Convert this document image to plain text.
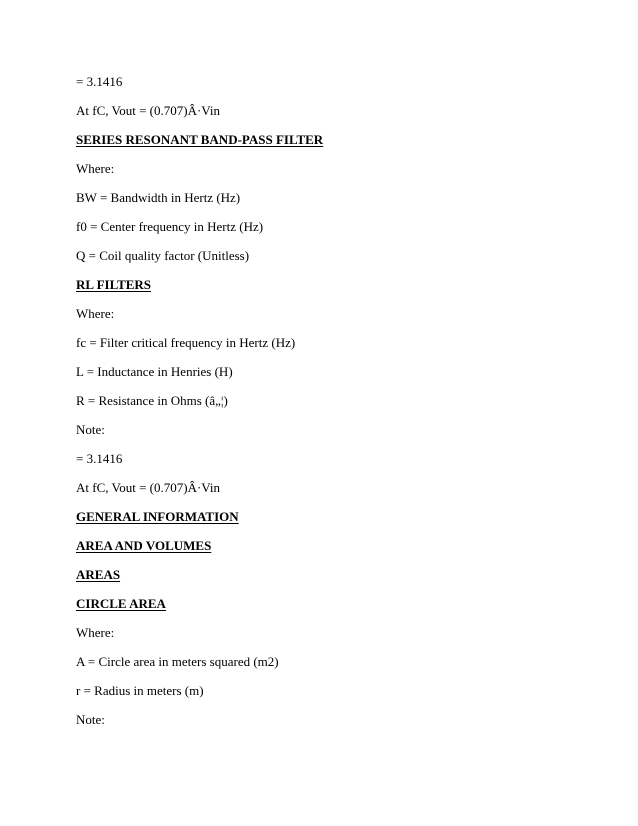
= 3.1416
At fC, Vout = (0.707)Â·Vin
SERIES RESONANT BAND-PASS FILTER
Where:
BW = Bandwidth in Hertz (Hz)
f0 = Center frequency in Hertz (Hz)
Q = Coil quality factor (Unitless)
RL FILTERS
Where:
fc = Filter critical frequency in Hertz (Hz)
L = Inductance in Henries (H)
R = Resistance in Ohms (â„¦)
Note:
= 3.1416
At fC, Vout = (0.707)Â·Vin
GENERAL INFORMATION
AREA AND VOLUMES
AREAS
CIRCLE AREA
Where:
A = Circle area in meters squared (m2)
r = Radius in meters (m)
Note:
